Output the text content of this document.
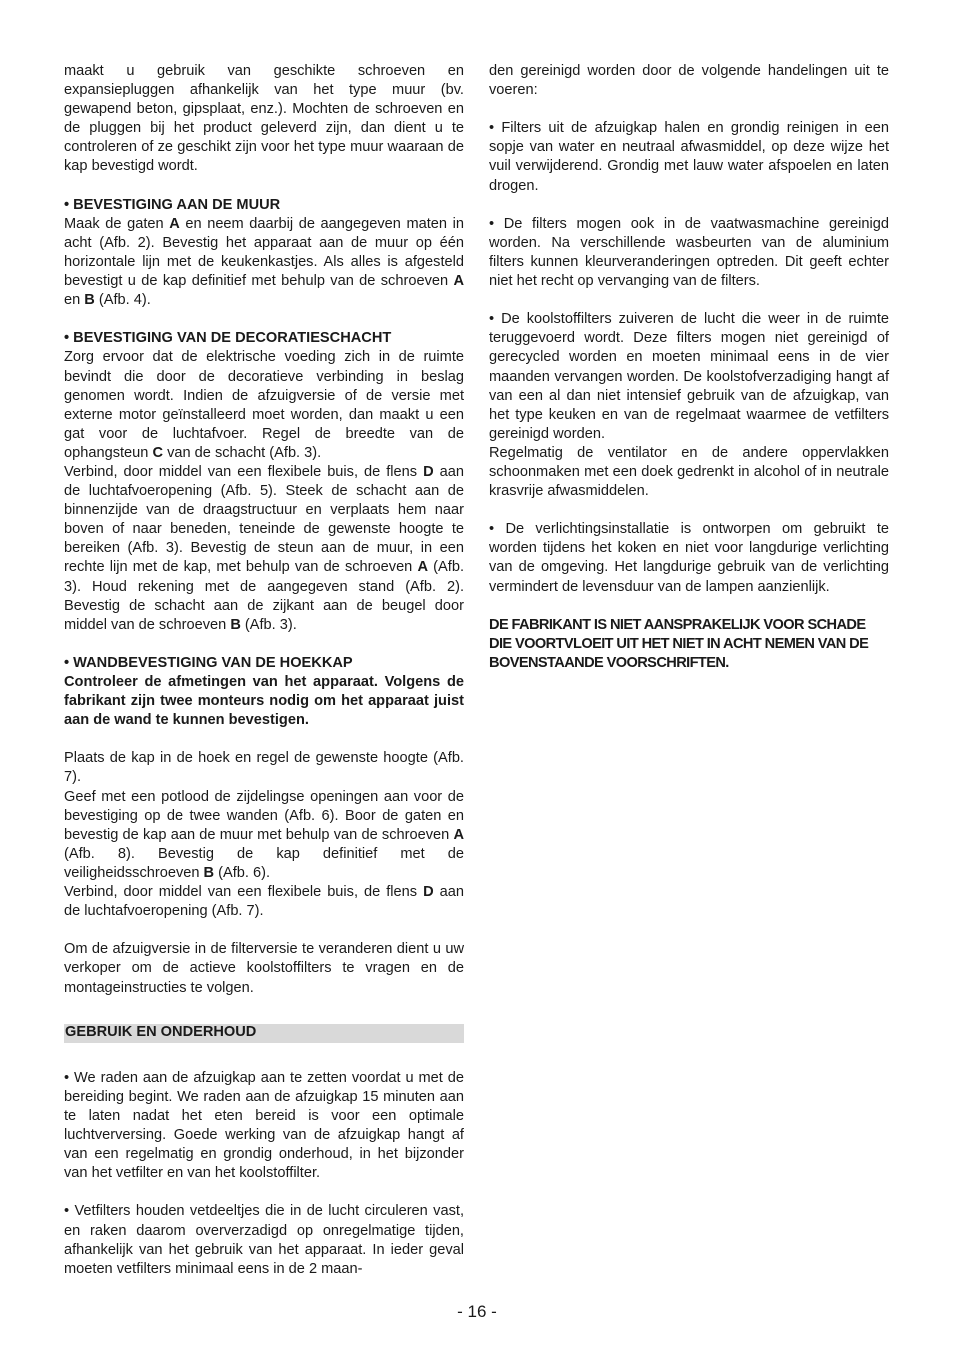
maakt u gebruik van geschikte schroeven en expansiepluggen afhankelijk van het type muur (bv. gewapend beton, gipsplaat, enz.). Mochten de schroeven en de pluggen bij het product geleverd zijn, dan dient u te controleren of ze geschikt zijn voor het type muur waaraan de kap bevestigd wordt.

• BEVESTIGING AAN DE MUUR

Maak de gaten A en neem daarbij de aangegeven maten in acht (Afb. 2). Bevestig het apparaat aan de muur op één horizontale lijn met de keukenkastjes. Als alles is afgesteld bevestigt u de kap definitief met behulp van de schroeven A en B (Afb. 4).

• BEVESTIGING VAN DE DECORATIESCHACHT

Zorg ervoor dat de elektrische voeding zich in de ruimte bevindt die door de decoratieve verbinding in beslag genomen wordt. Indien de afzuigversie of de versie met externe motor geïnstalleerd moet worden, dan maakt u een gat voor de luchtafvoer. Regel de breedte van de ophangsteun C van de schacht (Afb. 3).

Verbind, door middel van een flexibele buis, de flens D aan de luchtafvoeropening (Afb. 5). Steek de schacht aan de binnenzijde van de draagstructuur en verplaats hem naar boven of naar beneden, teneinde de gewenste hoogte te bereiken (Afb. 3). Bevestig de steun aan de muur, in een rechte lijn met de kap, met behulp van de schroeven A (Afb. 3). Houd rekening met de aangegeven stand (Afb. 2). Bevestig de schacht aan de zijkant aan de beugel door middel van de schroeven B (Afb. 3).

• WANDBEVESTIGING VAN DE HOEKKAP

Controleer de afmetingen van het apparaat. Volgens de fabrikant zijn twee monteurs nodig om het apparaat juist aan de wand te kunnen bevestigen.

Plaats de kap in de hoek en regel de gewenste hoogte (Afb. 7).

Geef met een potlood de zijdelingse openingen aan voor de bevestiging op de twee wanden (Afb. 6). Boor de gaten en bevestig de kap aan de muur met behulp van de schroeven A (Afb. 8). Bevestig de kap definitief met de veiligheidsschroeven B (Afb. 6).

Verbind, door middel van een flexibele buis, de flens D aan de luchtafvoeropening (Afb. 7).

Om de afzuigversie in de filterversie te veranderen dient u uw verkoper om de actieve koolstoffilters te vragen en de montageinstructies te volgen.

GEBRUIK EN ONDERHOUD

• We raden aan de afzuigkap aan te zetten voordat u met de bereiding begint. We raden aan de afzuigkap 15 minuten aan te laten nadat het eten bereid is voor een optimale luchtverversing. Goede werking van de afzuigkap hangt af van een regelmatig en grondig onderhoud, in het bijzonder van het vetfilter en van het koolstoffilter.

• Vetfilters houden vetdeeltjes die in de lucht circuleren vast, en raken daarom oververzadigd op onregelmatige tijden, afhankelijk van het gebruik van het apparaat. In ieder geval moeten vetfilters minimaal eens in de 2 maan-

den gereinigd worden door de volgende handelingen uit te voeren:

• Filters uit de afzuigkap halen en grondig reinigen in een sopje van water en neutraal afwasmiddel, op deze wijze het vuil verwijderend. Grondig met lauw water afspoelen en laten drogen.

• De filters mogen ook in de vaatwasmachine gereinigd worden. Na verschillende wasbeurten van de aluminium filters kunnen kleurveranderingen optreden. Dit geeft echter niet het recht op vervanging van de filters.

• De koolstoffilters zuiveren de lucht die weer in de ruimte teruggevoerd wordt. Deze filters mogen niet gereinigd of gerecycled worden en moeten minimaal eens in de vier maanden vervangen worden. De koolstofverzadiging hangt af van een al dan niet intensief gebruik van de afzuigkap, van het type keuken en van de regelmaat waarmee de vetfilters gereinigd worden.

Regelmatig de ventilator en de andere oppervlakken schoonmaken met een doek gedrenkt in alcohol of in neutrale krasvrije afwasmiddelen.

• De verlichtingsinstallatie is ontworpen om gebruikt te worden tijdens het koken en niet voor langdurige verlichting van de omgeving. Het langdurige gebruik van de verlichting vermindert de levensduur van de lampen aanzienlijk.

DE FABRIKANT IS NIET AANSPRAKELIJK VOOR SCHADE DIE VOORTVLOEIT UIT HET NIET IN ACHT NEMEN VAN DE BOVENSTAANDE VOORSCHRIFTEN.

- 16 -
